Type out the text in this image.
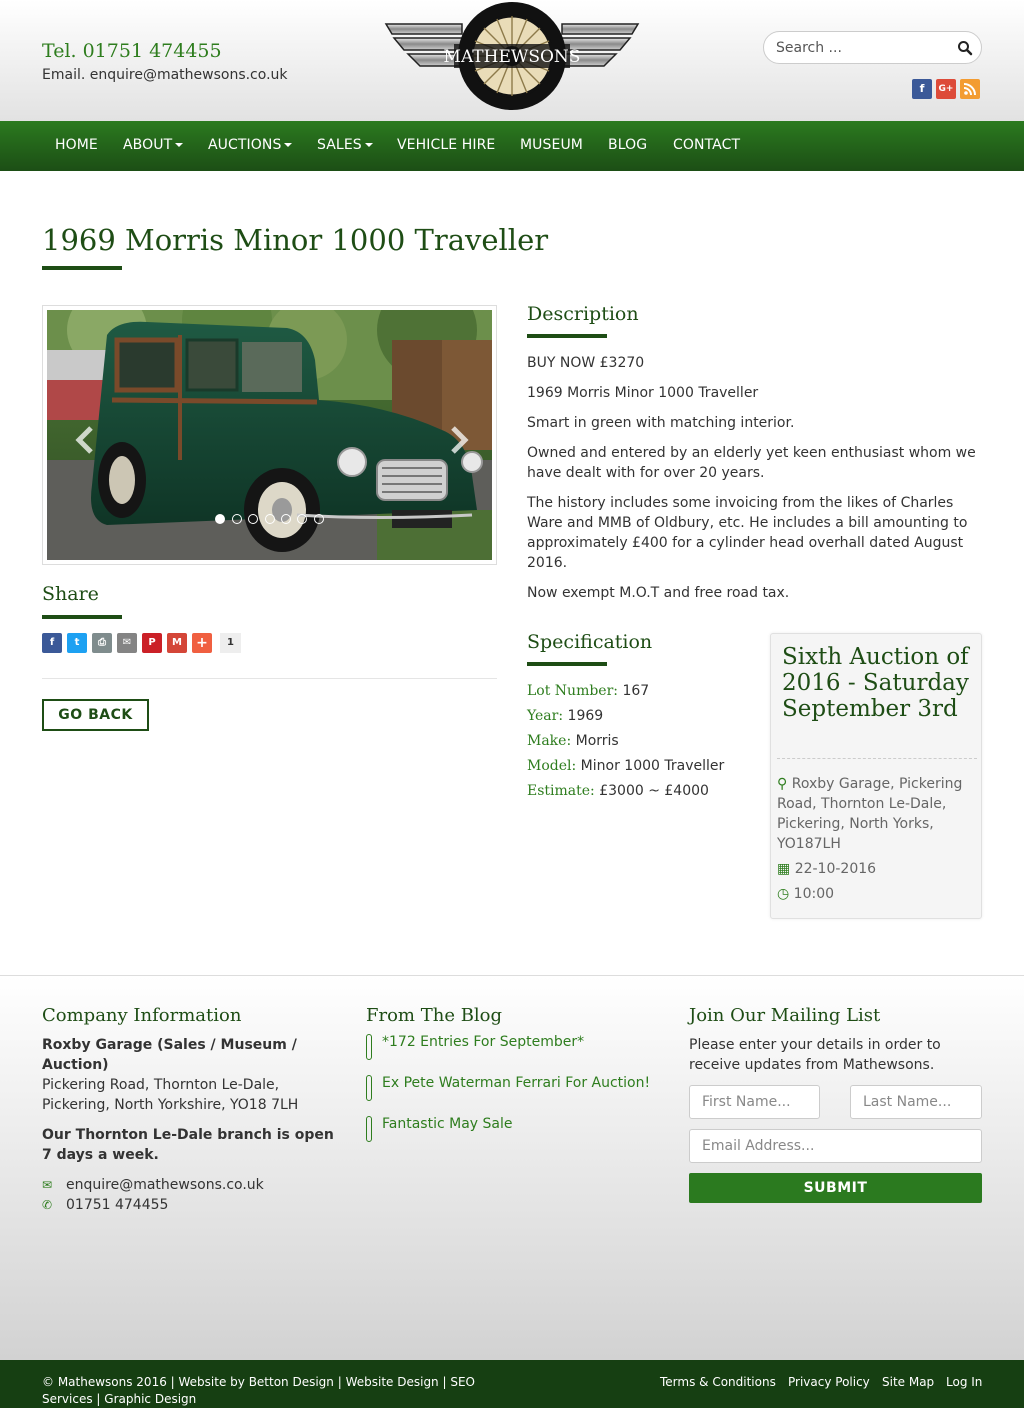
Tel. 01751 474455
Email. enquire@mathewsons.co.uk
MATHEWSONS
Search ...
f	G+
HOME ABOUT	AUCTIONS	SALES	VEHICLE HIRE MUSEUM BLOG CONTACT
1969 Morris Minor 1000 Traveller
Share
f	t	⎙	✉	P	M	+	1
GO BACK
Description

BUY NOW £3270

1969 Morris Minor 1000 Traveller

Smart in green with matching interior.

Owned and entered by an elderly yet keen enthusiast whom we have dealt with for over 20 years.

The history includes some invoicing from the likes of Charles Ware and MMB of Oldbury, etc. He includes a bill amounting to approximately £400 for a cylinder head overhall dated August 2016.

Now exempt M.O.T and free road tax.

Specification
Lot Number: 167
Year: 1969
Make: Morris
Model: Minor 1000 Traveller
Estimate: £3000 ~ £4000
Sixth Auction of 2016 - Saturday September 3rd
⚲ Roxby Garage, Pickering Road, Thornton Le-Dale, Pickering, North Yorks, YO187LH
▦ 22-10-2016
◷ 10:00
Company Information
Roxby Garage (Sales / Museum / Auction)
Pickering Road, Thornton Le-Dale, Pickering, North Yorkshire, YO18 7LH
Our Thornton Le-Dale branch is open 7 days a week.
✉ enquire@mathewsons.co.uk
✆ 01751 474455
From The Blog
*172 Entries For September*
Ex Pete Waterman Ferrari For Auction!
Fantastic May Sale
Join Our Mailing List
Please enter your details in order to receive updates from Mathewsons.
First Name...
Last Name...
Email Address...
SUBMIT
© Mathewsons 2016 | Website by Betton Design | Website Design | SEO Services | Graphic Design
Terms & Conditions Privacy Policy Site Map Log In
